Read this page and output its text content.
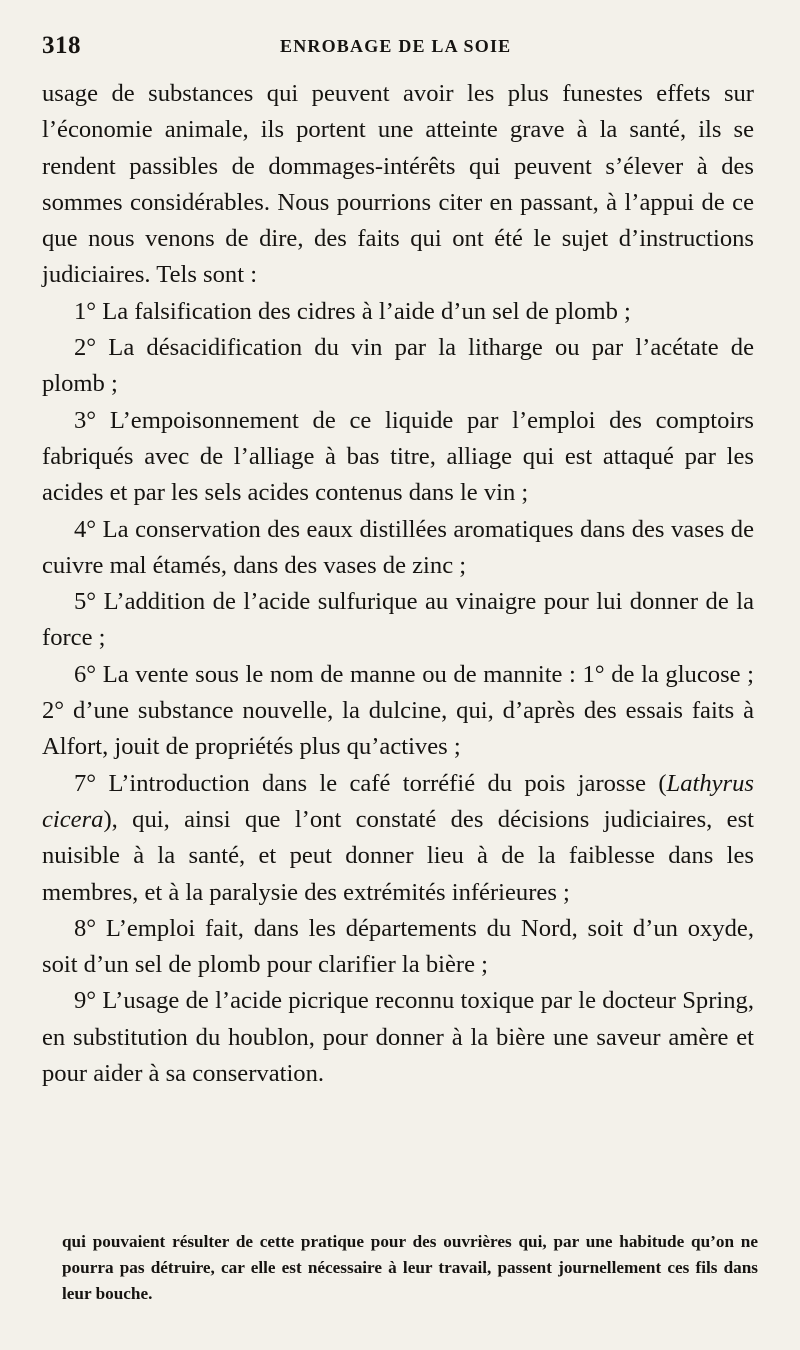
318	ENROBAGE DE LA SOIE

usage de substances qui peuvent avoir les plus funestes effets sur l’économie animale, ils portent une atteinte grave à la santé, ils se rendent passibles de dommages-intérêts qui peuvent s’élever à des sommes considérables. Nous pourrions citer en passant, à l’appui de ce que nous venons de dire, des faits qui ont été le sujet d’instructions judiciaires. Tels sont :

1° La falsification des cidres à l’aide d’un sel de plomb ;

2° La désacidification du vin par la litharge ou par l’acétate de plomb ;

3° L’empoisonnement de ce liquide par l’emploi des comptoirs fabriqués avec de l’alliage à bas titre, alliage qui est attaqué par les acides et par les sels acides contenus dans le vin ;

4° La conservation des eaux distillées aromatiques dans des vases de cuivre mal étamés, dans des vases de zinc ;

5° L’addition de l’acide sulfurique au vinaigre pour lui donner de la force ;

6° La vente sous le nom de manne ou de mannite : 1° de la glucose ; 2° d’une substance nouvelle, la dulcine, qui, d’après des essais faits à Alfort, jouit de propriétés plus qu’actives ;

7° L’introduction dans le café torréfié du pois jarosse (Lathyrus cicera), qui, ainsi que l’ont constaté des décisions judiciaires, est nuisible à la santé, et peut donner lieu à de la faiblesse dans les membres, et à la paralysie des extrémités inférieures ;

8° L’emploi fait, dans les départements du Nord, soit d’un oxyde, soit d’un sel de plomb pour clarifier la bière ;

9° L’usage de l’acide picrique reconnu toxique par le docteur Spring, en substitution du houblon, pour donner à la bière une saveur amère et pour aider à sa conservation.

qui pouvaient résulter de cette pratique pour des ouvrières qui, par une habitude qu’on ne pourra pas détruire, car elle est nécessaire à leur travail, passent journellement ces fils dans leur bouche.
